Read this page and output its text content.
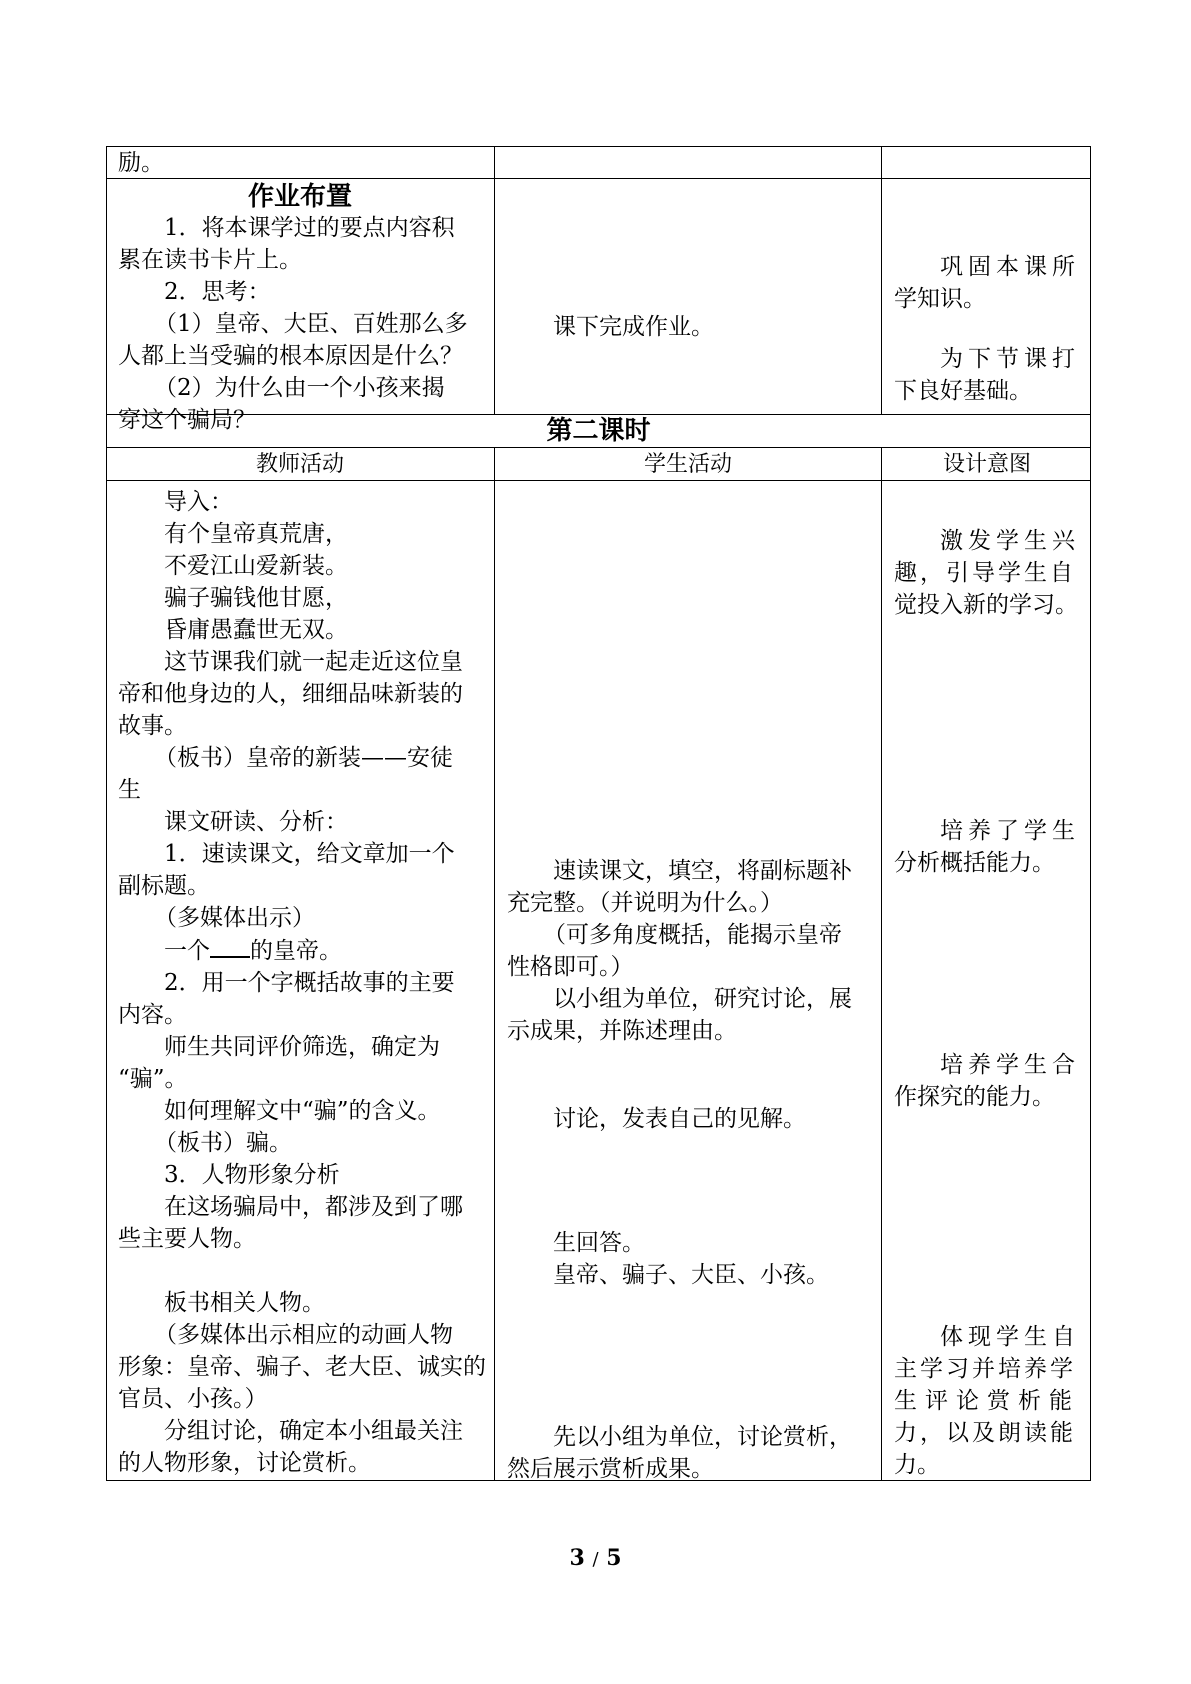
励。

作业布置

1．将本课学过的要点内容积

累在读书卡片上。

2．思考：

（1）皇帝、大臣、百姓那么多

人都上当受骗的根本原因是什么？

（2）为什么由一个小孩来揭

穿这个骗局？

课下完成作业。

巩固本课所

学知识。

为下节课打

下良好基础。

第二课时
教师活动	学生活动	设计意图

导入：

有个皇帝真荒唐，

不爱江山爱新装。

骗子骗钱他甘愿，

昏庸愚蠢世无双。

这节课我们就一起走近这位皇

帝和他身边的人，细细品味新装的

故事。

（板书）皇帝的新装——安徒

生

课文研读、分析：

1．速读课文，给文章加一个

副标题。

（多媒体出示）

一个 的皇帝。

2．用一个字概括故事的主要

内容。

师生共同评价筛选，确定为

“骗”。

如何理解文中“骗”的含义。

（板书）骗。

3．人物形象分析

在这场骗局中，都涉及到了哪

些主要人物。

板书相关人物。

（多媒体出示相应的动画人物

形象：皇帝、骗子、老大臣、诚实的

官员、小孩。）

分组讨论，确定本小组最关注

的人物形象，讨论赏析。

速读课文，填空，将副标题补

充完整。（并说明为什么。）

（可多角度概括，能揭示皇帝

性格即可。）

以小组为单位，研究讨论，展

示成果，并陈述理由。

讨论，发表自己的见解。

生回答。

皇帝、骗子、大臣、小孩。

先以小组为单位，讨论赏析，

然后展示赏析成果。

激发学生兴

趣，引导学生自

觉投入新的学习。

培养了学生

分析概括能力。

培养学生合

作探究的能力。

体现学生自

主学习并培养学

生评论赏析能

力，以及朗读能

力。

3 / 5
